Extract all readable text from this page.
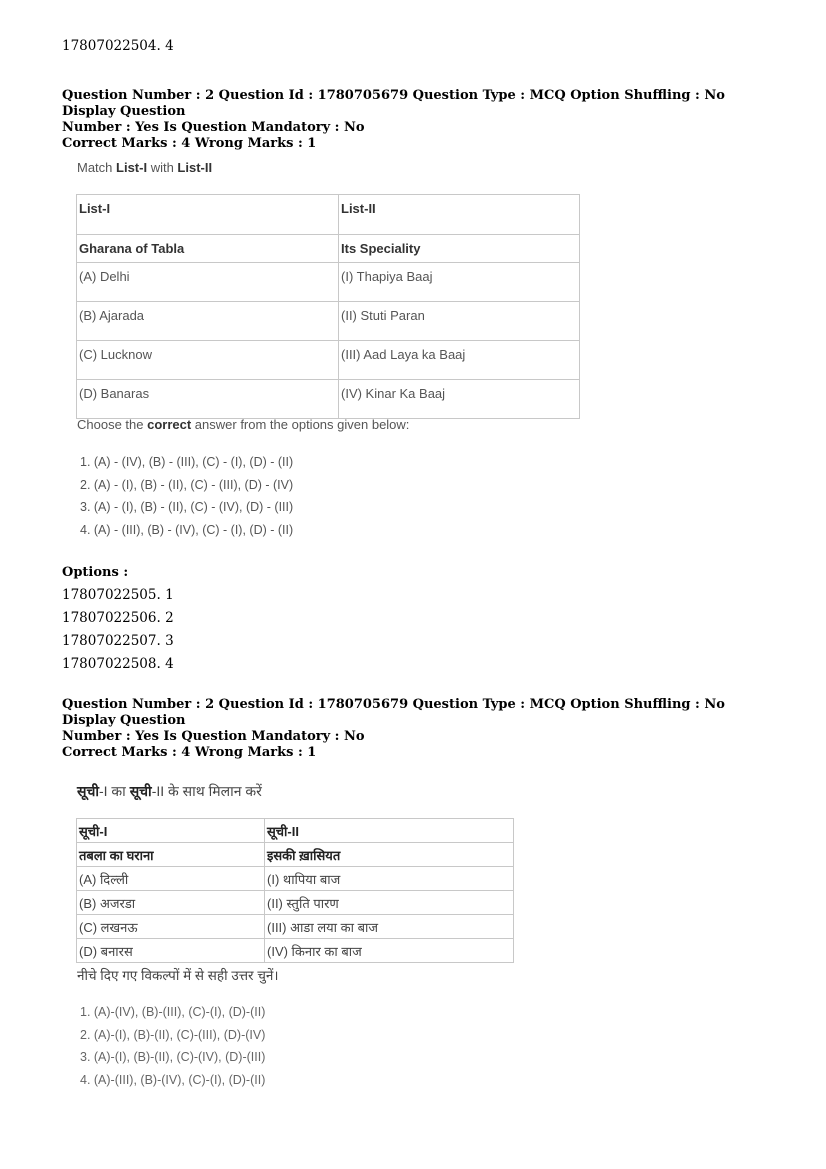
17807022504. 4
Question Number : 2 Question Id : 1780705679 Question Type : MCQ Option Shuffling : No Display Question
Number : Yes Is Question Mandatory : No
Correct Marks : 4 Wrong Marks : 1
Match List-I with List-II
List-I	List-II
Gharana of Tabla	Its Speciality
(A) Delhi	(I) Thapiya Baaj
(B) Ajarada	(II) Stuti Paran
(C) Lucknow	(III) Aad Laya ka Baaj
(D) Banaras	(IV) Kinar Ka Baaj
Choose the correct answer from the options given below:
1. (A) - (IV), (B) - (III), (C) - (I), (D) - (II)
2. (A) - (I), (B) - (II), (C) - (III), (D) - (IV)
3. (A) - (I), (B) - (II), (C) - (IV), (D) - (III)
4. (A) - (III), (B) - (IV), (C) - (I), (D) - (II)
Options :
17807022505. 1
17807022506. 2
17807022507. 3
17807022508. 4
Question Number : 2 Question Id : 1780705679 Question Type : MCQ Option Shuffling : No Display Question
Number : Yes Is Question Mandatory : No
Correct Marks : 4 Wrong Marks : 1
सूची-I का सूची-II के साथ मिलान करें
सूची-I	सूची-II
तबला का घराना	इसकी ख़ासियत
(A) दिल्ली	(I) थापिया बाज
(B) अजरडा	(II) स्तुति पारण
(C) लखनऊ	(III) आडा लया का बाज
(D) बनारस	(IV) किनार का बाज
नीचे दिए गए विकल्पों में से सही उत्तर चुनें।
1. (A)-(IV), (B)-(III), (C)-(I), (D)-(II)
2. (A)-(I), (B)-(II), (C)-(III), (D)-(IV)
3. (A)-(I), (B)-(II), (C)-(IV), (D)-(III)
4. (A)-(III), (B)-(IV), (C)-(I), (D)-(II)
